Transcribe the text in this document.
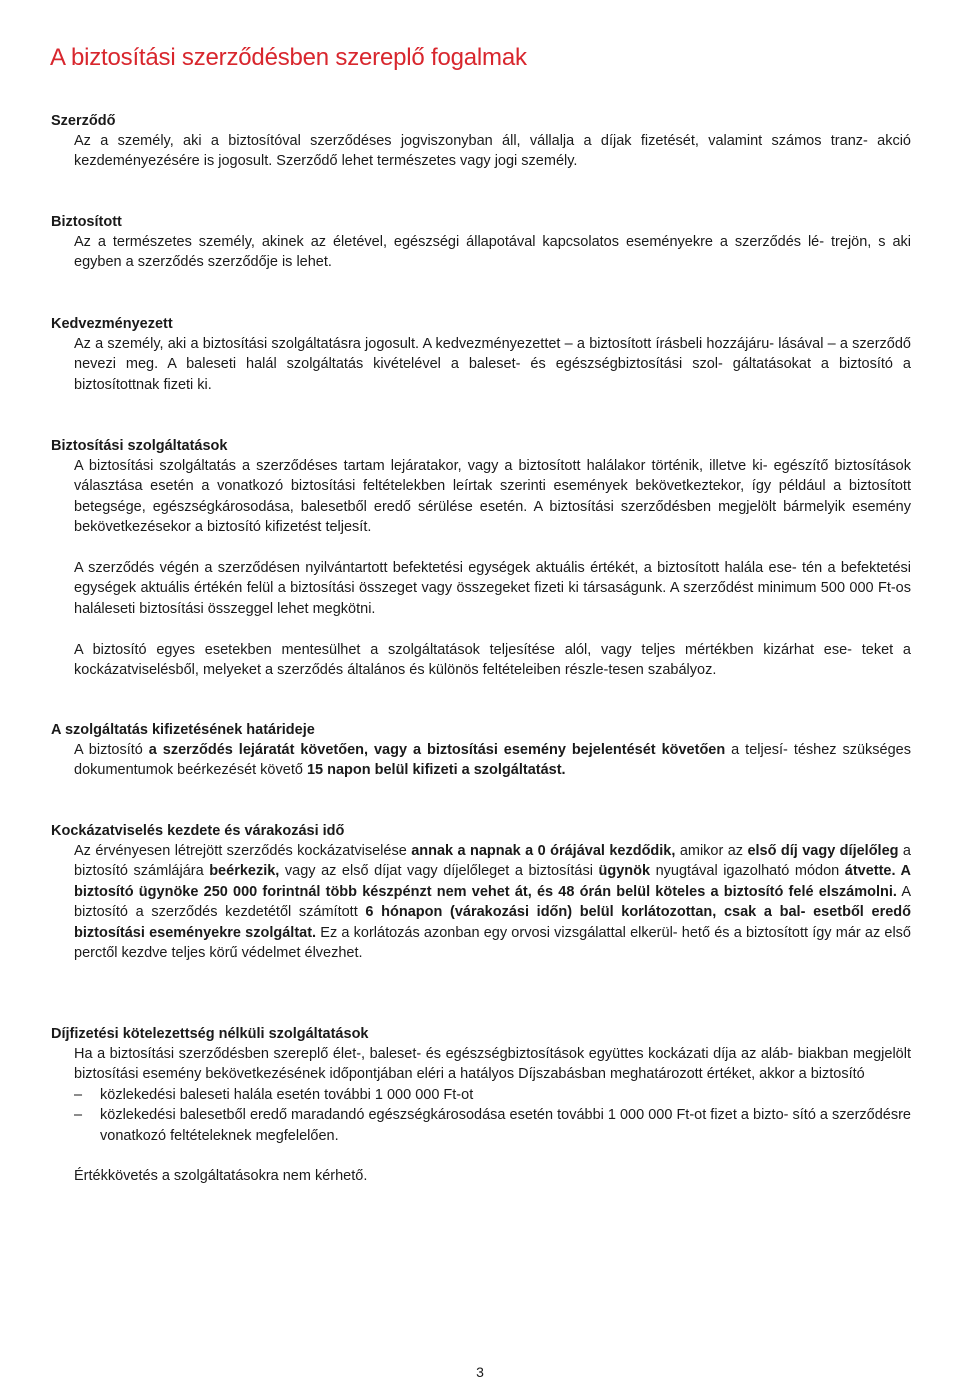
A biztosítási szerződésben szereplő fogalmak
Szerződő

Az a személy, aki a biztosítóval szerződéses jogviszonyban áll, vállalja a díjak fizetését, valamint számos tranz- akció kezdeményezésére is jogosult. Szerződő lehet természetes vagy jogi személy.

Biztosított

Az a természetes személy, akinek az életével, egészségi állapotával kapcsolatos eseményekre a szerződés lé- trejön, s aki egyben a szerződés szerződője is lehet.

Kedvezményezett

Az a személy, aki a biztosítási szolgáltatásra jogosult. A kedvezményezettet – a biztosított írásbeli hozzájáru- lásával – a szerződő nevezi meg. A baleseti halál szolgáltatás kivételével a baleset- és egészségbiztosítási szol- gáltatásokat a biztosító a biztosítottnak fizeti ki.

Biztosítási szolgáltatások

A biztosítási szolgáltatás a szerződéses tartam lejáratakor, vagy a biztosított halálakor történik, illetve ki- egészítő biztosítások választása esetén a vonatkozó biztosítási feltételekben leírtak szerinti események bekövetkeztekor, így például a biztosított betegsége, egészségkárosodása, balesetből eredő sérülése esetén. A biztosítási szerződésben megjelölt bármelyik esemény bekövetkezésekor a biztosító kifizetést teljesít.

A szerződés végén a szerződésen nyilvántartott befektetési egységek aktuális értékét, a biztosított halála ese- tén a befektetési egységek aktuális értékén felül a biztosítási összeget vagy összegeket fizeti ki társaságunk. A szerződést minimum 500 000 Ft-os haláleseti biztosítási összeggel lehet megkötni.

A biztosító egyes esetekben mentesülhet a szolgáltatások teljesítése alól, vagy teljes mértékben kizárhat ese- teket a kockázatviselésből, melyeket a szerződés általános és különös feltételeiben részle-tesen szabályoz.

A szolgáltatás kifizetésének határideje

A biztosító a szerződés lejáratát követően, vagy a biztosítási esemény bejelentését követően a teljesí- téshez szükséges dokumentumok beérkezését követő 15 napon belül kifizeti a szolgáltatást.

Kockázatviselés kezdete és várakozási idő

Az érvényesen létrejött szerződés kockázatviselése annak a napnak a 0 órájával kezdődik, amikor az első díj vagy díjelőleg a biztosító számlájára beérkezik, vagy az első díjat vagy díjelőleget a biztosítási ügynök nyugtával igazolható módon átvette. A biztosító ügynöke 250 000 forintnál több készpénzt nem vehet át, és 48 órán belül köteles a biztosító felé elszámolni. A biztosító a szerződés kezdetétől számított 6 hónapon (várakozási időn) belül korlátozottan, csak a bal- esetből eredő biztosítási eseményekre szolgáltat. Ez a korlátozás azonban egy orvosi vizsgálattal elkerül- hető és a biztosított így már az első perctől kezdve teljes körű védelmet élvezhet.

Díjfizetési kötelezettség nélküli szolgáltatások

Ha a biztosítási szerződésben szereplő élet-, baleset- és egészségbiztosítások együttes kockázati díja az aláb- biakban megjelölt biztosítási esemény bekövetkezésének időpontjában eléri a hatályos Díjszabásban meghatározott értéket, akkor a biztosító

– közlekedési baleseti halála esetén további 1 000 000 Ft-ot
– közlekedési balesetből eredő maradandó egészségkárosodása esetén további 1 000 000 Ft-ot fizet a bizto- sító a szerződésre vonatkozó feltételeknek megfelelően.

Értékkövetés a szolgáltatásokra nem kérhető.

3
